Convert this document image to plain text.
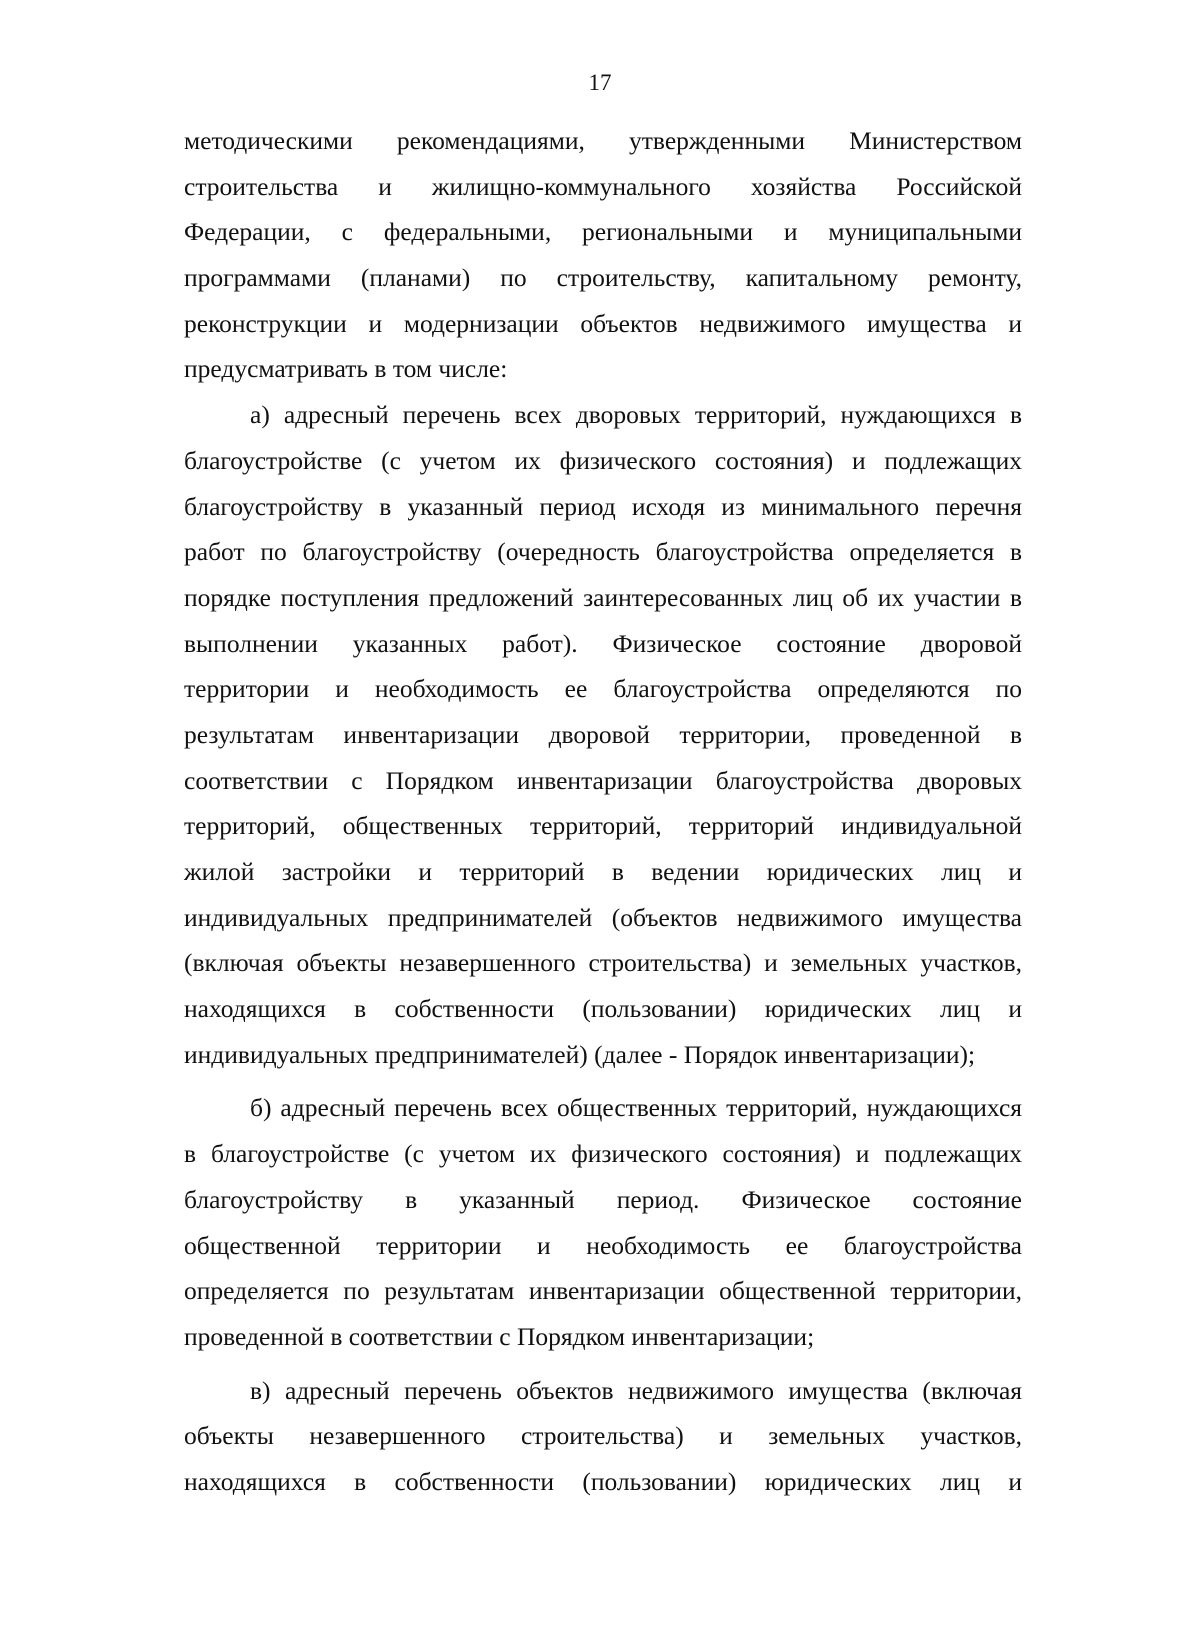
17
методическими рекомендациями, утвержденными Министерством
строительства и жилищно-коммунального хозяйства Российской
Федерации, с федеральными, региональными и муниципальными
программами (планами) по строительству, капитальному ремонту,
реконструкции и модернизации объектов недвижимого имущества и
предусматривать в том числе:
а) адресный перечень всех дворовых территорий, нуждающихся в
благоустройстве (с учетом их физического состояния) и подлежащих
благоустройству в указанный период исходя из минимального перечня
работ по благоустройству (очередность благоустройства определяется в
порядке поступления предложений заинтересованных лиц об их участии в
выполнении указанных работ). Физическое состояние дворовой
территории и необходимость ее благоустройства определяются по
результатам инвентаризации дворовой территории, проведенной в
соответствии с Порядком инвентаризации благоустройства дворовых
территорий, общественных территорий, территорий индивидуальной
жилой застройки и территорий в ведении юридических лиц и
индивидуальных предпринимателей (объектов недвижимого имущества
(включая объекты незавершенного строительства) и земельных участков,
находящихся в собственности (пользовании) юридических лиц и
индивидуальных предпринимателей) (далее - Порядок инвентаризации);
б) адресный перечень всех общественных территорий, нуждающихся
в благоустройстве (с учетом их физического состояния) и подлежащих
благоустройству в указанный период. Физическое состояние
общественной территории и необходимость ее благоустройства
определяется по результатам инвентаризации общественной территории,
проведенной в соответствии с Порядком инвентаризации;
в) адресный перечень объектов недвижимого имущества (включая
объекты незавершенного строительства) и земельных участков,
находящихся в собственности (пользовании) юридических лиц и
